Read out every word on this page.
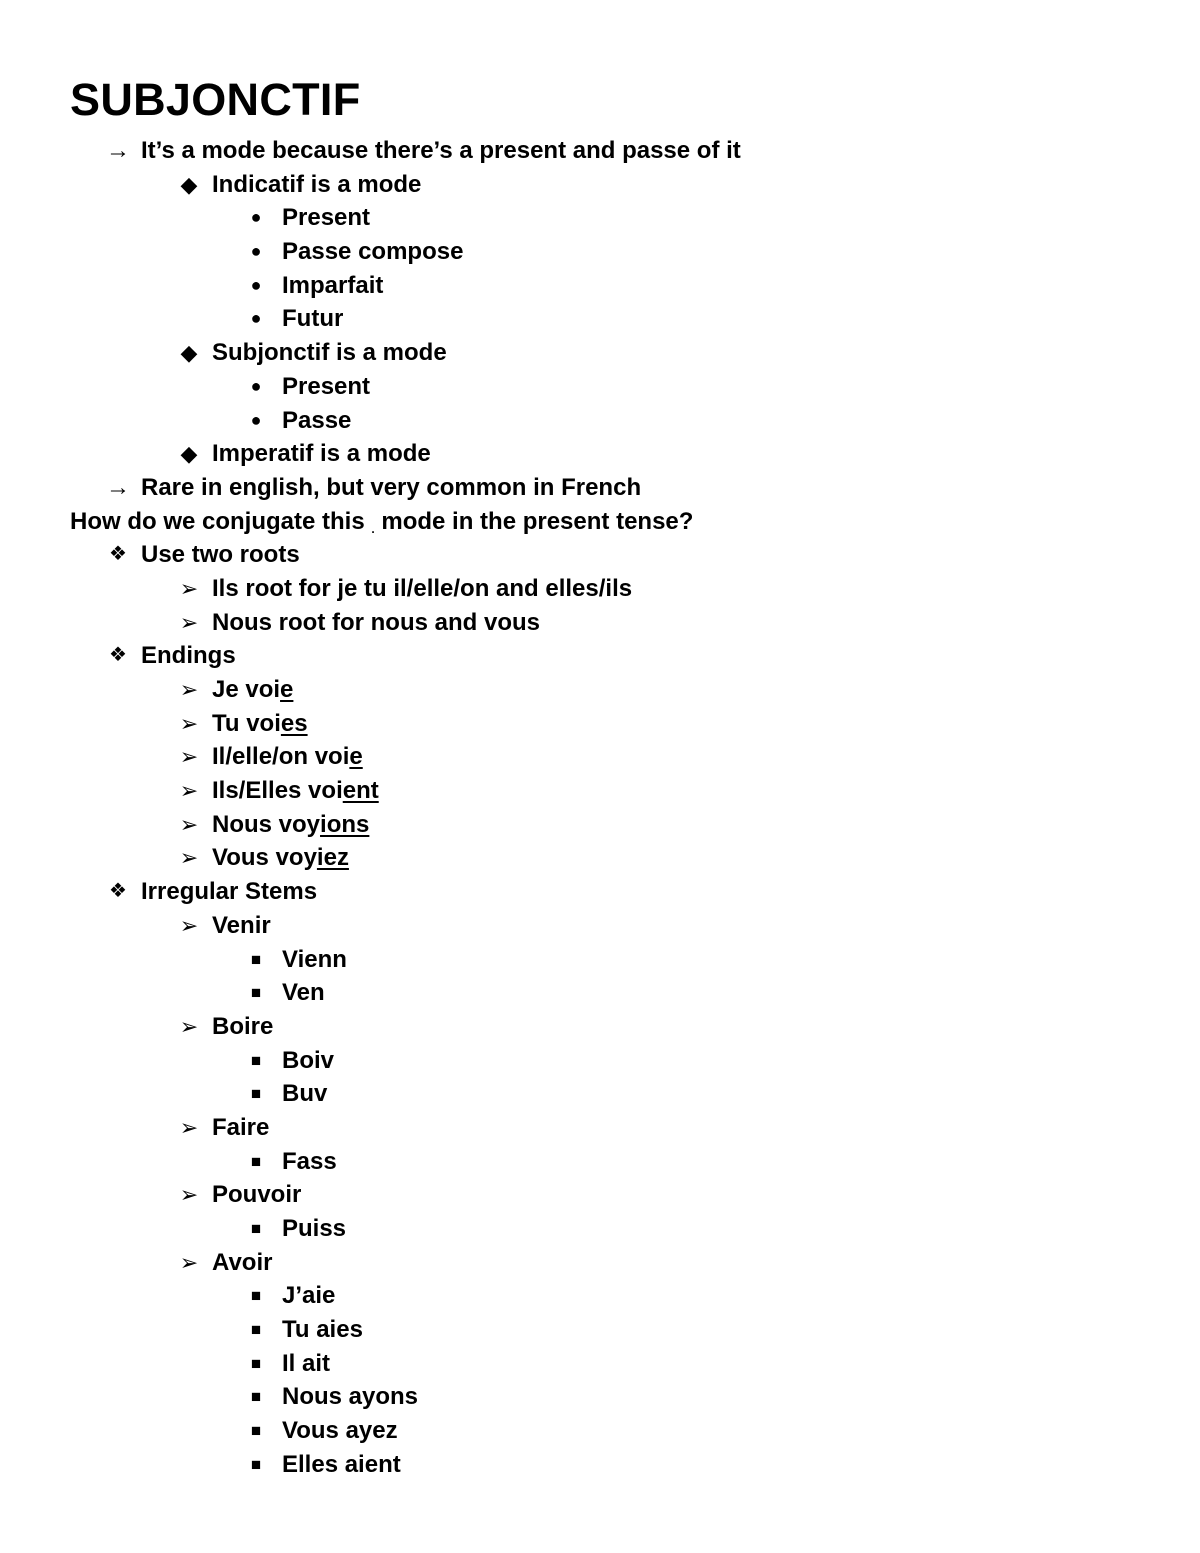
SUBJONCTIF
→ It’s a mode because there’s a present and passe of it
◆ Indicatif is a mode
● Present
● Passe compose
● Imparfait
● Futur
◆ Subjonctif is a mode
● Present
● Passe
◆ Imperatif is a mode
→ Rare in english, but very common in French
How do we conjugate this . mode in the present tense?
❖ Use two roots
➢ Ils root for je tu il/elle/on and elles/ils
➢ Nous root for nous and vous
❖ Endings
➢ Je voie
➢ Tu voies
➢ Il/elle/on voie
➢ Ils/Elles voient
➢ Nous voyions
➢ Vous voyiez
❖ Irregular Stems
➢ Venir
■ Vienn
■ Ven
➢ Boire
■ Boiv
■ Buv
➢ Faire
■ Fass
➢ Pouvoir
■ Puiss
➢ Avoir
■ J’aie
■ Tu aies
■ Il ait
■ Nous ayons
■ Vous ayez
■ Elles aient
